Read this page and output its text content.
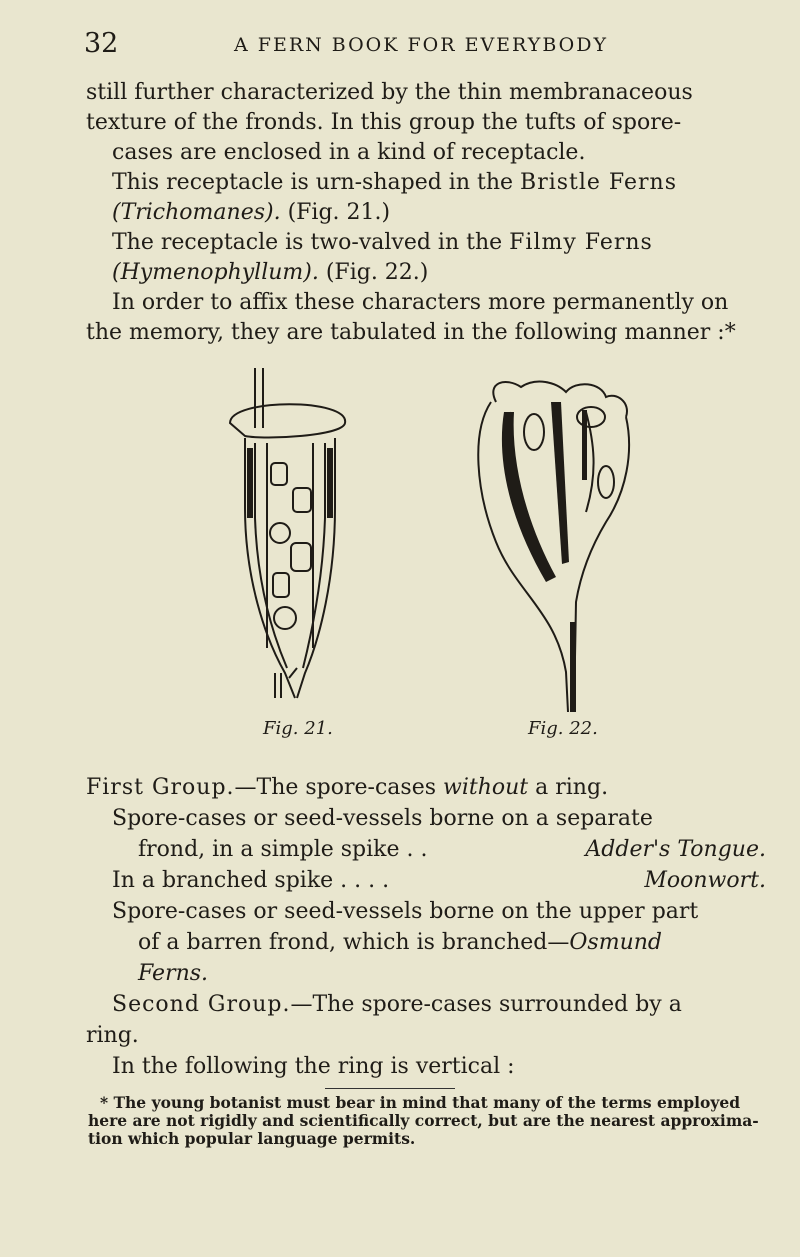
32	A FERN BOOK FOR EVERYBODY
still further characterized by the thin membranaceous
texture of the fronds. In this group the tufts of spore-
cases are enclosed in a kind of receptacle.
This receptacle is urn-shaped in the Bristle Ferns
(Trichomanes). (Fig. 21.)
The receptacle is two-valved in the Filmy Ferns
(Hymenophyllum). (Fig. 22.)
In order to affix these characters more permanently on
the memory, they are tabulated in the following manner :*
Fig. 21.	Fig. 22.
First Group.—The spore-cases without a ring.
Spore-cases or seed-vessels borne on a separate
frond, in a simple spike . .	Adder's Tongue.
In a branched spike . . . .	Moonwort.
Spore-cases or seed-vessels borne on the upper part
of a barren frond, which is branched—Osmund
Ferns.
Second Group.—The spore-cases surrounded by a
ring.
In the following the ring is vertical :
* The young botanist must bear in mind that many of the terms employed
here are not rigidly and scientifically correct, but are the nearest approxima-
tion which popular language permits.
